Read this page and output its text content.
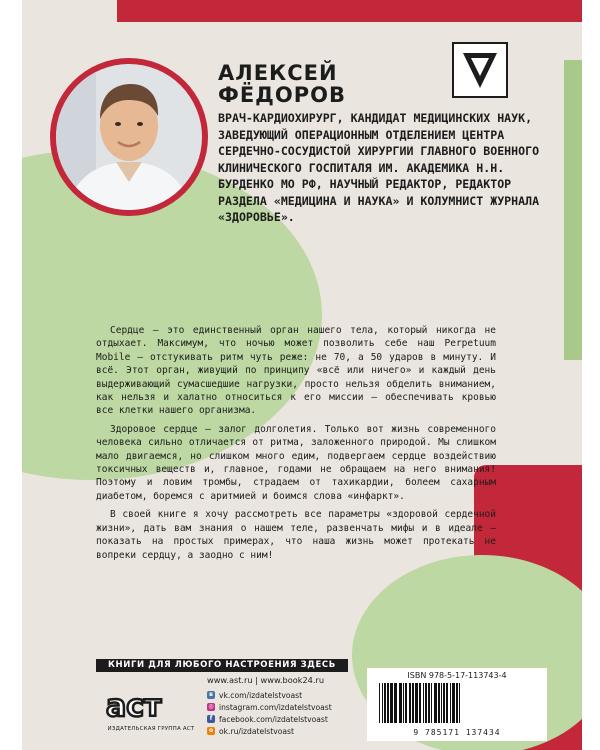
АЛЕКСЕЙ
ФЁДОРОВ

ВРАЧ-КАРДИОХИРУРГ, КАНДИДАТ МЕДИЦИНСКИХ НАУК, ЗАВЕДУЮЩИЙ ОПЕРАЦИОННЫМ ОТДЕЛЕНИЕМ ЦЕНТРА СЕРДЕЧНО-СОСУДИСТОЙ ХИРУРГИИ ГЛАВНОГО ВОЕННОГО КЛИНИЧЕСКОГО ГОСПИТАЛЯ ИМ. АКАДЕМИКА Н.Н. БУРДЕНКО МО РФ, НАУЧНЫЙ РЕДАКТОР, РЕДАКТОР РАЗДЕЛА «МЕДИЦИНА И НАУКА» И КОЛУМНИСТ ЖУРНАЛА «ЗДОРОВЬЕ».

Сердце — это единственный орган нашего тела, который никогда не отдыхает. Максимум, что ночью может позволить себе наш Perpetuum Mobile — отстукивать ритм чуть реже: не 70, а 50 ударов в минуту. И всё. Этот орган, живущий по принципу «всё или ничего» и каждый день выдерживающий сумасшедшие нагрузки, просто нельзя обделить вниманием, как нельзя и халатно относиться к его миссии — обеспечивать кровью все клетки нашего организма.

Здоровое сердце — залог долголетия. Только вот жизнь современного человека сильно отличается от ритма, заложенного природой. Мы слишком мало двигаемся, но слишком много едим, подвергаем сердце воздействию токсичных веществ и, главное, годами не обращаем на него внимания! Поэтому и ловим тромбы, страдаем от тахикардии, болеем сахарным диабетом, боремся с аритмией и боимся слова «инфаркт».

В своей книге я хочу рассмотреть все параметры «здоровой сердечной жизни», дать вам знания о нашем теле, развенчать мифы и в идеале — показать на простых примерах, что наша жизнь может протекать не вопреки сердцу, а заодно с ним!

КНИГИ ДЛЯ ЛЮБОГО НАСТРОЕНИЯ ЗДЕСЬ
www.ast.ru | www.book24.ru
аст
ИЗДАТЕЛЬСКАЯ ГРУППА АСТ
в vk.com/izdatelstvoast
◎ instagram.com/izdatelstvoast
f facebook.com/izdatelstvoast
о ok.ru/izdatelstvoast
ISBN 978-5-17-113743-4
9 785171 137434
